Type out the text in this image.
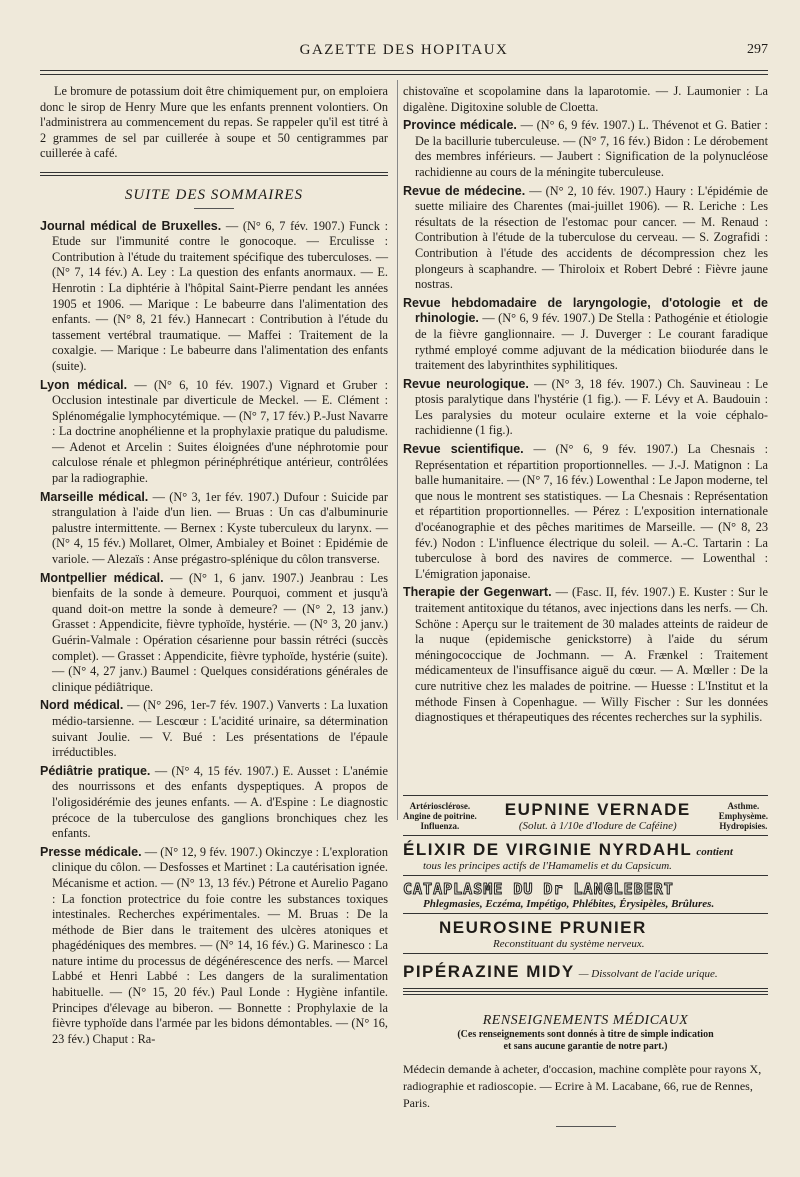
GAZETTE DES HOPITAUX	297

Le bromure de potassium doit être chimiquement pur, on emploiera donc le sirop de Henry Mure que les enfants prennent volontiers. On l'administrera au commencement du repas. Se rappeler qu'il est titré à 2 grammes de sel par cuillerée à soupe et 50 centigrammes par cuillerée à café.

SUITE DES SOMMAIRES

Journal médical de Bruxelles. — (N° 6, 7 fév. 1907.) Funck : Etude sur l'immunité contre le gonocoque. — Erculisse : Contribution à l'étude du traitement spécifique des tuberculoses. — (N° 7, 14 fév.) A. Ley : La question des enfants anormaux. — E. Henrotin : La diphtérie à l'hôpital Saint-Pierre pendant les années 1905 et 1906. — Marique : Le babeurre dans l'alimentation des enfants. — (N° 8, 21 fév.) Hannecart : Contribution à l'étude du tassement vertébral traumatique. — Maffei : Traitement de la coxalgie. — Marique : Le babeurre dans l'alimentation des enfants (suite).

Lyon médical. — (N° 6, 10 fév. 1907.) Vignard et Gruber : Occlusion intestinale par diverticule de Meckel. — E. Clément : Splénomégalie lymphocytémique. — (N° 7, 17 fév.) P.-Just Navarre : La doctrine anophélienne et la prophylaxie pratique du paludisme. — Adenot et Arcelin : Suites éloignées d'une néphrotomie pour calculose rénale et phlegmon périnéphrétique antérieur, contrôlées par la radiographie.

Marseille médical. — (N° 3, 1er fév. 1907.) Dufour : Suicide par strangulation à l'aide d'un lien. — Bruas : Un cas d'albuminurie palustre intermittente. — Bernex : Kyste tuberculeux du larynx. — (N° 4, 15 fév.) Mollaret, Olmer, Ambialey et Boinet : Epidémie de variole. — Alezaïs : Anse prégastro-splénique du côlon transverse.

Montpellier médical. — (N° 1, 6 janv. 1907.) Jeanbrau : Les bienfaits de la sonde à demeure. Pourquoi, comment et jusqu'à quand doit-on mettre la sonde à demeure? — (N° 2, 13 janv.) Grasset : Appendicite, fièvre typhoïde, hystérie. — (N° 3, 20 janv.) Guérin-Valmale : Opération césarienne pour bassin rétréci (succès complet). — Grasset : Appendicite, fièvre typhoïde, hystérie (suite). — (N° 4, 27 janv.) Baumel : Quelques considérations générales de clinique pédiâtrique.

Nord médical. — (N° 296, 1er-7 fév. 1907.) Vanverts : La luxation médio-tarsienne. — Lescœur : L'acidité urinaire, sa détermination suivant Joulie. — V. Bué : Les présentations de l'épaule irréductibles.

Pédiâtrie pratique. — (N° 4, 15 fév. 1907.) E. Ausset : L'anémie des nourrissons et des enfants dyspeptiques. A propos de l'oligosidérémie des jeunes enfants. — A. d'Espine : Le diagnostic précoce de la tuberculose des ganglions bronchiques chez les enfants.

Presse médicale. — (N° 12, 9 fév. 1907.) Okinczye : L'exploration clinique du côlon. — Desfosses et Martinet : La cautérisation ignée. Mécanisme et action. — (N° 13, 13 fév.) Pétrone et Aurelio Pagano : La fonction protectrice du foie contre les substances toxiques intestinales. Recherches expérimentales. — M. Bruas : De la méthode de Bier dans le traitement des ulcères atoniques et phagédéniques des membres. — (N° 14, 16 fév.) G. Marinesco : La nature intime du processus de dégénérescence des nerfs. — Marcel Labbé et Henri Labbé : Les dangers de la suralimentation habituelle. — (N° 15, 20 fév.) Paul Londe : Hygiène infantile. Principes d'élevage au biberon. — Bonnette : Prophylaxie de la fièvre typhoïde dans l'armée par les bidons démontables. — (N° 16, 23 fév.) Chaput : Ra-

chistovaïne et scopolamine dans la laparotomie. — J. Laumonier : La digalène. Digitoxine soluble de Cloetta.

Province médicale. — (N° 6, 9 fév. 1907.) L. Thévenot et G. Batier : De la bacillurie tuberculeuse. — (N° 7, 16 fév.) Bidon : Le dérobement des membres inférieurs. — Jaubert : Signification de la polynucléose rachidienne au cours de la méningite tuberculeuse.

Revue de médecine. — (N° 2, 10 fév. 1907.) Haury : L'épidémie de suette miliaire des Charentes (mai-juillet 1906). — R. Leriche : Les résultats de la résection de l'estomac pour cancer. — M. Renaud : Contribution à l'étude de la tuberculose du cerveau. — S. Zografidi : Contribution à l'étude des accidents de décompression chez les plongeurs à scaphandre. — Thiroloix et Robert Debré : Fièvre jaune nostras.

Revue hebdomadaire de laryngologie, d'otologie et de rhinologie. — (N° 6, 9 fév. 1907.) De Stella : Pathogénie et étiologie de la fièvre ganglionnaire. — J. Duverger : Le courant faradique rythmé employé comme adjuvant de la médication biiodurée dans le traitement des labyrinthites syphilitiques.

Revue neurologique. — (N° 3, 18 fév. 1907.) Ch. Sauvineau : Le ptosis paralytique dans l'hystérie (1 fig.). — F. Lévy et A. Baudouin : Les paralysies du moteur oculaire externe et la voie céphalo-rachidienne (1 fig.).

Revue scientifique. — (N° 6, 9 fév. 1907.) La Chesnais : Représentation et répartition proportionnelles. — J.-J. Matignon : La balle humanitaire. — (N° 7, 16 fév.) Lowenthal : Le Japon moderne, tel que nous le montrent ses statistiques. — La Chesnais : Représentation et répartition proportionnelles. — Pérez : L'exposition internationale d'océanographie et des pêches maritimes de Marseille. — (N° 8, 23 fév.) Nodon : L'influence électrique du soleil. — A.-C. Tartarin : La tuberculose à bord des navires de commerce. — Lowenthal : L'émigration japonaise.

Therapie der Gegenwart. — (Fasc. II, fév. 1907.) E. Kuster : Sur le traitement antitoxique du tétanos, avec injections dans les nerfs. — Ch. Schöne : Aperçu sur le traitement de 30 malades atteints de raideur de la nuque (epidemische genickstorre) à l'aide du sérum méningococcique de Jochmann. — A. Frænkel : Traitement médicamenteux de l'insuffisance aiguë du cœur. — A. Mœller : De la cure nutritive chez les malades de poitrine. — Huesse : L'Institut et la méthode Finsen à Copenhague. — Willy Fischer : Sur les données diagnostiques et thérapeutiques des récentes recherches sur la syphilis.

Artériosclérose.
Angine de poitrine.
Influenza.
EUPNINE VERNADE
(Solut. à 1/10e d'Iodure de Caféine)
Asthme.
Emphysème.
Hydropisies.
ÉLIXIR DE VIRGINIE NYRDAHL contient
tous les principes actifs de l'Hamamelis et du Capsicum.
CATAPLASME DU Dr LANGLEBERT
Phlegmasies, Eczéma, Impétigo, Phlébites, Érysipèles, Brûlures.
NEUROSINE PRUNIER
Reconstituant du système nerveux.
PIPÉRAZINE MIDY — Dissolvant de l'acide urique.
RENSEIGNEMENTS MÉDICAUX
(Ces renseignements sont donnés à titre de simple indication
et sans aucune garantie de notre part.)
Médecin demande à acheter, d'occasion, machine complète pour rayons X, radiographie et radioscopie. — Ecrire à M. Lacabane, 66, rue de Rennes, Paris.
